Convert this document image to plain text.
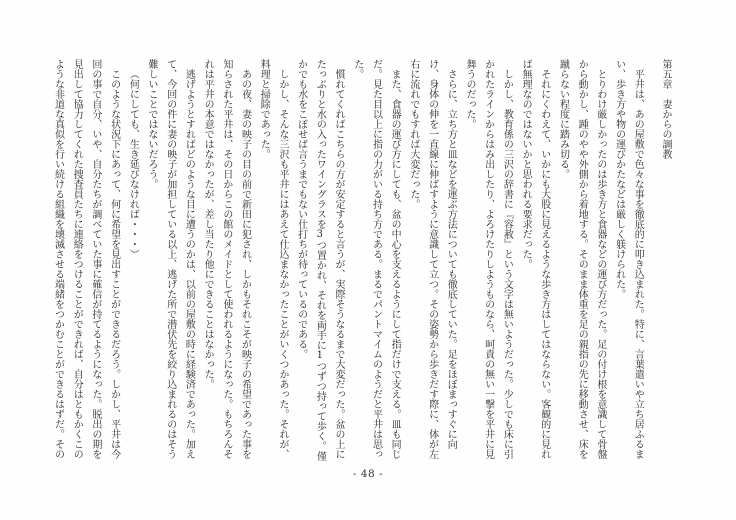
第五章　妻からの調教

平井は、あの屋敷で色々な事を徹底的に叩き込まれた。特に、言葉遣いや立ち居ふるまい、歩き方や物の運びかたなどは厳しく躾けられた。

とりわけ厳しかったのは歩き方と食器などの運び方だった。足の付け根を意識して骨盤から動かし、踵のやや外側から着地する。そのまま体重を足の親指の先に移動させ、床を蹴らない程度に踏み切る。

それにくわえて、いかにも大股に見えるような歩き方はしてはならない。客観的に見れば無理なのではないかと思われる要求だった。

しかし、教育係の三沢の辞書に『容赦』という文字は無いようだった。少しでも床に引かれたラインからはみ出したり、よろけたりしようものなら、呵責の無い一撃を平井に見舞うのだった。

さらに、立ち方と皿などを運ぶ方法についても徹底していた。足をほぼまっすぐに向け、身体の伸を一直線に伸ばすように意識して立つ。その姿勢から歩きだす際に、体が左右に流れでもすれば大変だった。

また、食器の運び方にしても、盆の中心を支えるようにして指だけで支える。皿も同じだ。見た目以上に指の力がいる持ち方である。まるでパントマイムのようだと平井は思った。

慣れてくればこちらの方が安定すると言うが、実際そうなるまで大変だった。盆の上にたっぷりと水の入ったワイングラスを3つ置かれ、それを両手に1つずつ持って歩く。僅かでも水をこぼせば言うまでもない仕打ちが待っているのである。

しかし、そんな三沢も平井にはあえて仕込まなかったことがいくつかあった。それが、料理と掃除であった。

あの夜、妻の映子の目の前で新田に犯され、しかもそれこそが映子の希望であった事を知らされた平井は、その日からこの館のメイドとして使われるようになった。もちろんそれは平井の本意ではなかったが、差し当たり他にできることはなかった。

逃げようとすればどのような目に遭うのかは、以前の屋敷の時に経験済であった。加えて、今回の件に妻の映子が加担している以上、逃げた所で潜伏先を絞り込まれるのはそう難しいことではないだろう。

（何にしても、生き延びなければ・・・）

このような状況下にあって、何に希望を見出すことができるだろう。しかし、平井は今回の事で自分、いや、自分たちが調べていた事に確信が持てるようになった。脱出の期を見出して協力してくれた捜査員たちに連絡をつけることができれば、自分はともかくこのような非道な真似を行い続ける組織を壊滅させる端緒をつかむことができるはずだ。その

- 48 -
